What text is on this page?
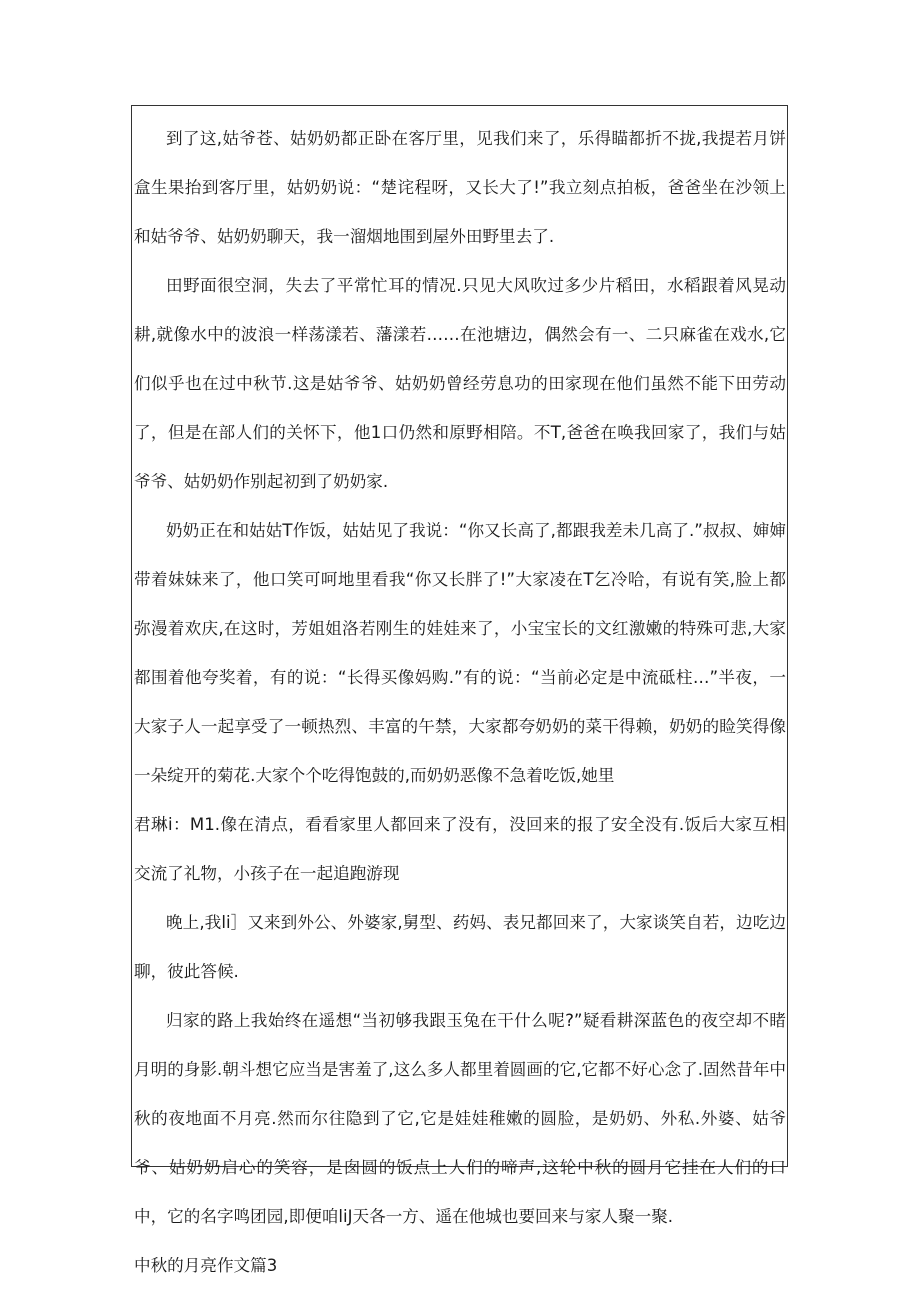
到了这,姑爷苍、姑奶奶都正卧在客厅里，见我们来了，乐得瞄都折不拢,我提若月饼盒生果抬到客厅里，姑奶奶说：“楚诧程呀，又长大了!”我立刻点拍板，爸爸坐在沙领上和姑爷爷、姑奶奶聊天，我一溜烟地围到屋外田野里去了.

田野面很空洞，失去了平常忙耳的情况.只见大风吹过多少片稻田，水稻跟着风晃动耕,就像水中的波浪一样荡漾若、藩漾若……在池塘边，偶然会有一、二只麻雀在戏水,它们似乎也在过中秋节.这是姑爷爷、姑奶奶曾经劳息功的田家现在他们虽然不能下田劳动了，但是在部人们的关怀下，他1口仍然和原野相陪。不T,爸爸在唤我回家了，我们与姑爷爷、姑奶奶作别起初到了奶奶家.

奶奶正在和姑姑T作饭，姑姑见了我说：“你又长高了,都跟我差未几高了.”叔叔、婶婶带着妹妹来了，他口笑可呵地里看我“你又长胖了!”大家凌在T乞冷哈，有说有笑,脸上都弥漫着欢庆,在这时，芳姐姐洛若刚生的娃娃来了，小宝宝长的文红激嫩的特殊可悲,大家都围着他夸奖着，有的说：“长得买像妈购.”有的说：“当前必定是中流砥柱…”半夜，一大家子人一起享受了一顿热烈、丰富的午禁，大家都夸奶奶的菜干得赖，奶奶的睑笑得像一朵绽开的菊花.大家个个吃得饱鼓的,而奶奶恶像不急着吃饭,她里

君琳i：M1.像在清点，看看家里人都回来了没有，没回来的报了安全没有.饭后大家互相交流了礼物，小孩子在一起追跑游现

晚上,我li］又来到外公、外婆家,舅型、药妈、表兄都回来了，大家谈笑自若，边吃边聊，彼此答候.

归家的路上我始终在遥想“当初够我跟玉兔在干什么呢?”疑看耕深蓝色的夜空却不睹月明的身影.朝斗想它应当是害羞了,这么多人都里着圆画的它,它都不好心念了.固然昔年中秋的夜地面不月亮.然而尔往隐到了它,它是娃娃稚嫩的圆脸，是奶奶、外私.外婆、姑爷爷、姑奶奶启心的笑容，是囱圆的饭点上人们的啼声,这轮中秋的圆月它挂在人们的口中，它的名字鸣团园,即便咱liJ天各一方、遥在他城也要回来与家人聚一聚.

中秋的月亮作文篇3
